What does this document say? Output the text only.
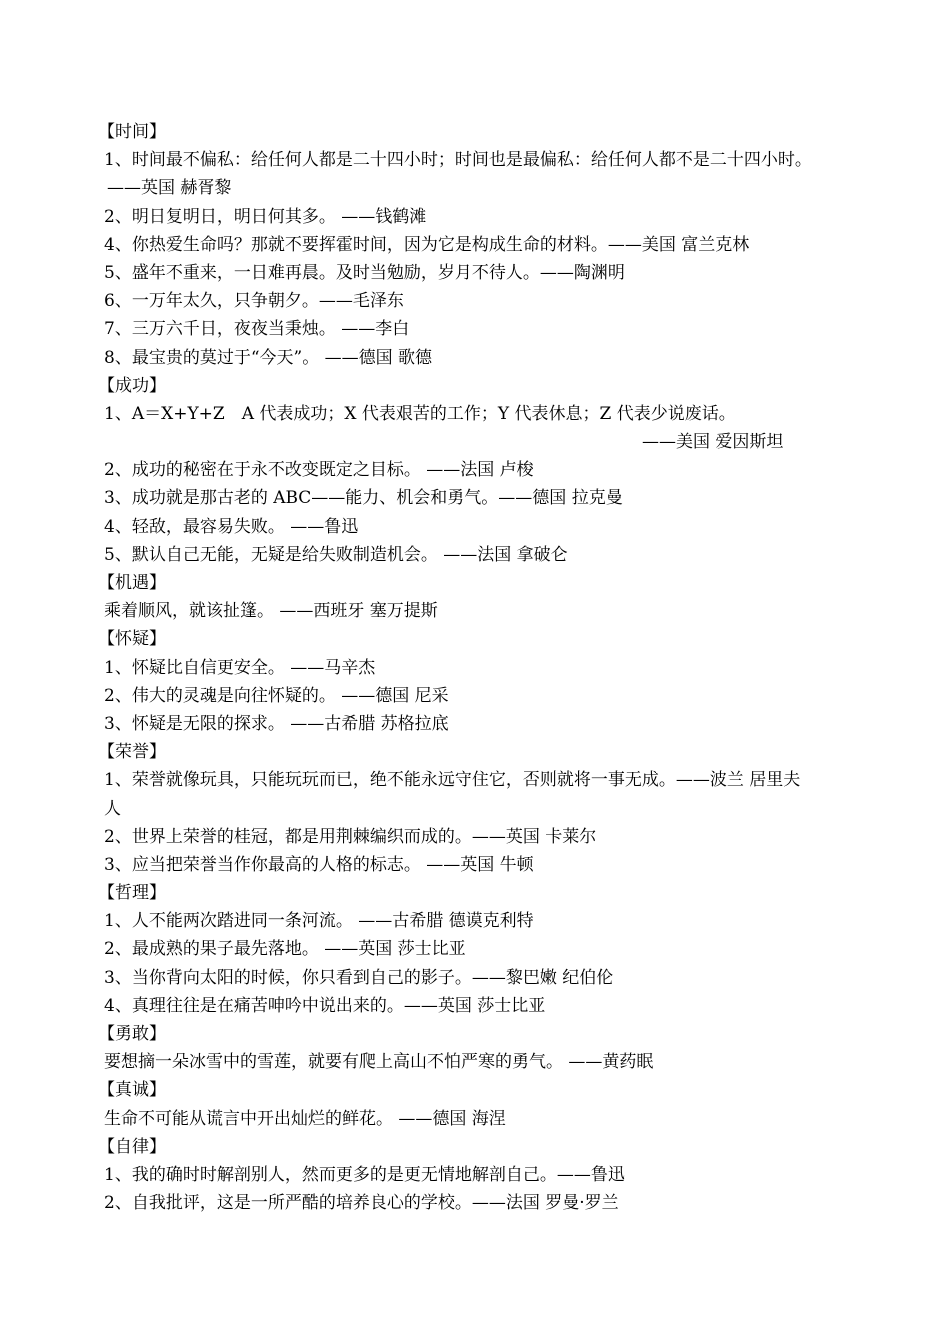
【时间】
1、时间最不偏私：给任何人都是二十四小时；时间也是最偏私：给任何人都不是二十四小时。
——英国 赫胥黎
2、明日复明日，明日何其多。 ——钱鹤滩
4、你热爱生命吗？那就不要挥霍时间，因为它是构成生命的材料。——美国 富兰克林
5、盛年不重来，一日难再晨。及时当勉励，岁月不待人。——陶渊明
6、一万年太久，只争朝夕。——毛泽东
7、三万六千日，夜夜当秉烛。 ——李白
8、最宝贵的莫过于“今天”。 ——德国 歌德
【成功】
1、A＝X+Y+Z　A 代表成功；X 代表艰苦的工作；Y 代表休息；Z 代表少说废话。
——美国 爱因斯坦
2、成功的秘密在于永不改变既定之目标。 ——法国 卢梭
3、成功就是那古老的 ABC——能力、机会和勇气。——德国 拉克曼
4、轻敌，最容易失败。 ——鲁迅
5、默认自己无能，无疑是给失败制造机会。 ——法国 拿破仑
【机遇】
乘着顺风，就该扯篷。 ——西班牙 塞万提斯
【怀疑】
1、怀疑比自信更安全。 ——马辛杰
2、伟大的灵魂是向往怀疑的。 ——德国 尼采
3、怀疑是无限的探求。 ——古希腊 苏格拉底
【荣誉】
1、荣誉就像玩具，只能玩玩而已，绝不能永远守住它，否则就将一事无成。——波兰 居里夫
人
2、世界上荣誉的桂冠，都是用荆棘编织而成的。——英国 卡莱尔
3、应当把荣誉当作你最高的人格的标志。 ——英国 牛顿
【哲理】
1、人不能两次踏进同一条河流。 ——古希腊 德谟克利特
2、最成熟的果子最先落地。 ——英国 莎士比亚
3、当你背向太阳的时候，你只看到自己的影子。——黎巴嫩 纪伯伦
4、真理往往是在痛苦呻吟中说出来的。——英国 莎士比亚
【勇敢】
要想摘一朵冰雪中的雪莲，就要有爬上高山不怕严寒的勇气。 ——黄药眠
【真诚】
生命不可能从谎言中开出灿烂的鲜花。 ——德国 海涅
【自律】
1、我的确时时解剖别人，然而更多的是更无情地解剖自己。——鲁迅
2、自我批评，这是一所严酷的培养良心的学校。——法国 罗曼·罗兰
